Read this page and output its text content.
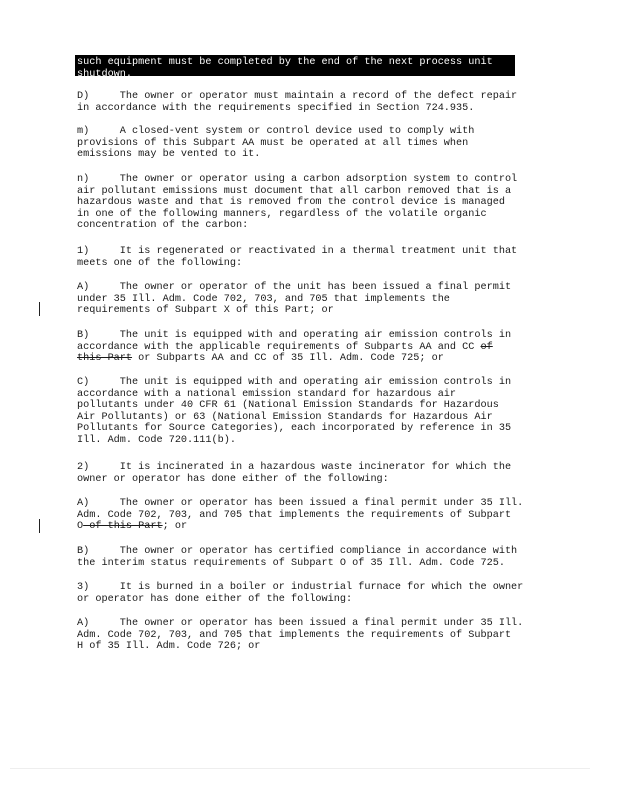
such equipment must be completed by the end of the next process unit
shutdown.
D)     The owner or operator must maintain a record of the defect repair
in accordance with the requirements specified in Section 724.935.
m)     A closed-vent system or control device used to comply with
provisions of this Subpart AA must be operated at all times when
emissions may be vented to it.
n)     The owner or operator using a carbon adsorption system to control
air pollutant emissions must document that all carbon removed that is a
hazardous waste and that is removed from the control device is managed
in one of the following manners, regardless of the volatile organic
concentration of the carbon:
1)     It is regenerated or reactivated in a thermal treatment unit that
meets one of the following:
A)     The owner or operator of the unit has been issued a final permit
under 35 Ill. Adm. Code 702, 703, and 705 that implements the
requirements of Subpart X of this Part; or
B)     The unit is equipped with and operating air emission controls in
accordance with the applicable requirements of Subparts AA and CC of
this Part or Subparts AA and CC of 35 Ill. Adm. Code 725; or
C)     The unit is equipped with and operating air emission controls in
accordance with a national emission standard for hazardous air
pollutants under 40 CFR 61 (National Emission Standards for Hazardous
Air Pollutants) or 63 (National Emission Standards for Hazardous Air
Pollutants for Source Categories), each incorporated by reference in 35
Ill. Adm. Code 720.111(b).
2)     It is incinerated in a hazardous waste incinerator for which the
owner or operator has done either of the following:
A)     The owner or operator has been issued a final permit under 35 Ill.
Adm. Code 702, 703, and 705 that implements the requirements of Subpart
O of this Part; or
B)     The owner or operator has certified compliance in accordance with
the interim status requirements of Subpart O of 35 Ill. Adm. Code 725.
3)     It is burned in a boiler or industrial furnace for which the owner
or operator has done either of the following:
A)     The owner or operator has been issued a final permit under 35 Ill.
Adm. Code 702, 703, and 705 that implements the requirements of Subpart
H of 35 Ill. Adm. Code 726; or
